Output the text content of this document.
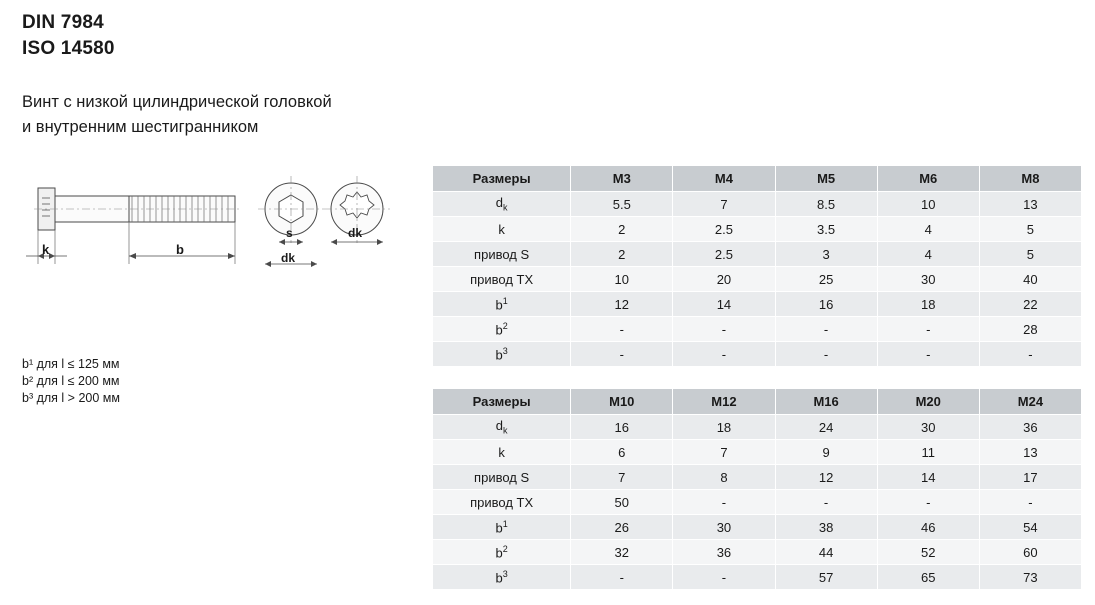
DIN 7984
ISO 14580
Винт с низкой цилиндрической головкой
и внутренним шестигранником
k	b
s
dk
dk
b¹ для l ≤ 125 мм
b² для l ≤ 200 мм
b³ для l > 200 мм
Размеры	M3	M4	M5	M6	M8
$d_k$	5.5	7	8.5	10	13
k	2	2.5	3.5	4	5
привод S	2	2.5	3	4	5
привод TX	10	20	25	30	40
$b^1$	12	14	16	18	22
$b^2$	-	-	-	-	28
$b^3$	-	-	-	-	-
Размеры	M10	M12	M16	M20	M24
$d_k$	16	18	24	30	36
k	6	7	9	11	13
привод S	7	8	12	14	17
привод TX	50	-	-	-	-
$b^1$	26	30	38	46	54
$b^2$	32	36	44	52	60
$b^3$	-	-	57	65	73
